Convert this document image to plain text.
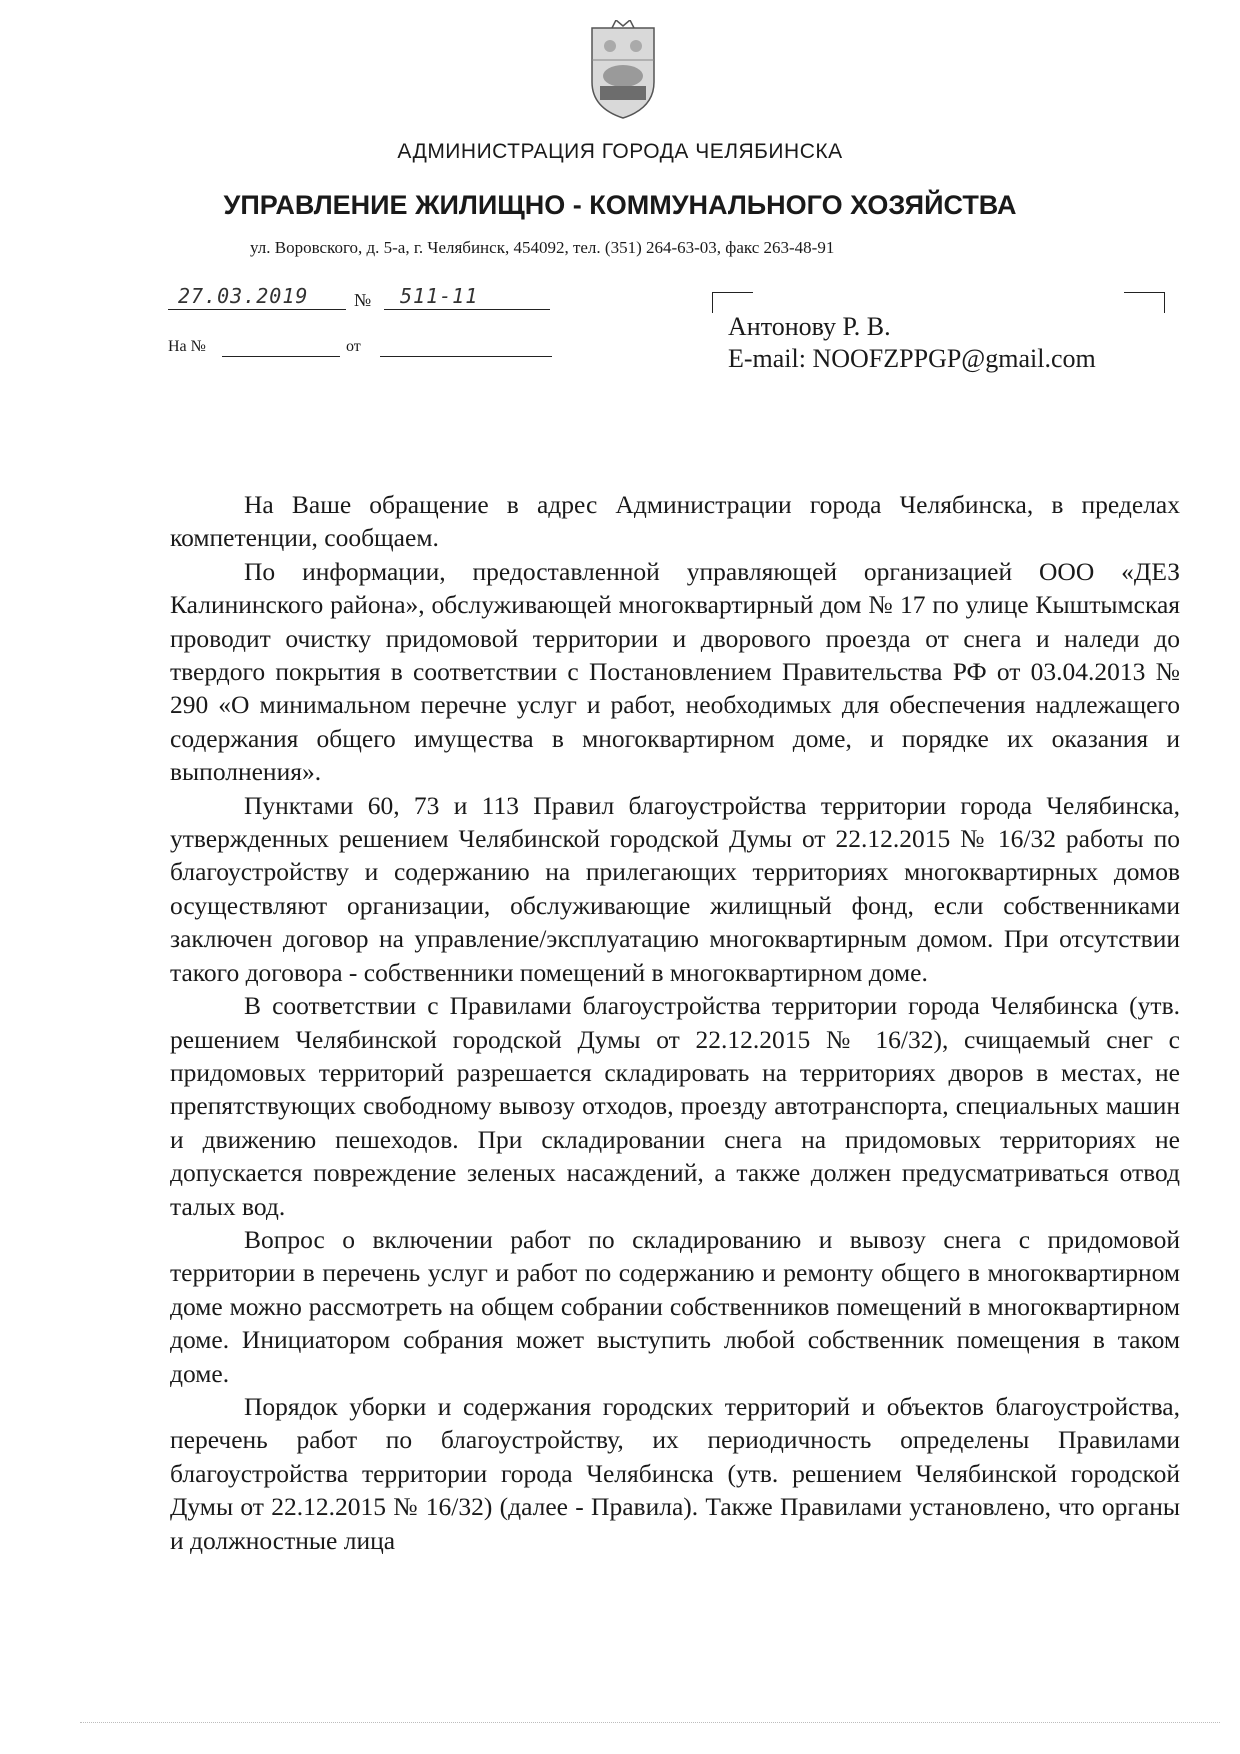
АДМИНИСТРАЦИЯ ГОРОДА ЧЕЛЯБИНСКА
УПРАВЛЕНИЕ ЖИЛИЩНО - КОММУНАЛЬНОГО ХОЗЯЙСТВА
ул. Воровского, д. 5-а, г. Челябинск, 454092, тел. (351) 264-63-03, факс 263-48-91
27.03.2019	№ 511-11
На №	от
Антонову Р. В.
E-mail: NOOFZPPGP@gmail.com

На Ваше обращение в адрес Администрации города Челябинска, в пределах компетенции, сообщаем.

По информации, предоставленной управляющей организацией ООО «ДЕЗ Калининского района», обслуживающей многоквартирный дом № 17 по улице Кыштымская проводит очистку придомовой территории и дворового проезда от снега и наледи до твердого покрытия в соответствии с Постановлением Правительства РФ от 03.04.2013 № 290 «О минимальном перечне услуг и работ, необходимых для обеспечения надлежащего содержания общего имущества в многоквартирном доме, и порядке их оказания и выполнения».

Пунктами 60, 73 и 113 Правил благоустройства территории города Челябинска, утвержденных решением Челябинской городской Думы от 22.12.2015 № 16/32 работы по благоустройству и содержанию на прилегающих территориях многоквартирных домов осуществляют организации, обслуживающие жилищный фонд, если собственниками заключен договор на управление/эксплуатацию многоквартирным домом. При отсутствии такого договора - собственники помещений в многоквартирном доме.

В соответствии с Правилами благоустройства территории города Челябинска (утв. решением Челябинской городской Думы от 22.12.2015 № 16/32), счищаемый снег с придомовых территорий разрешается складировать на территориях дворов в местах, не препятствующих свободному вывозу отходов, проезду автотранспорта, специальных машин и движению пешеходов. При складировании снега на придомовых территориях не допускается повреждение зеленых насаждений, а также должен предусматриваться отвод талых вод.

Вопрос о включении работ по складированию и вывозу снега с придомовой территории в перечень услуг и работ по содержанию и ремонту общего в многоквартирном доме можно рассмотреть на общем собрании собственников помещений в многоквартирном доме. Инициатором собрания может выступить любой собственник помещения в таком доме.

Порядок уборки и содержания городских территорий и объектов благоустройства, перечень работ по благоустройству, их периодичность определены Правилами благоустройства территории города Челябинска (утв. решением Челябинской городской Думы от 22.12.2015 № 16/32) (далее - Правила). Также Правилами установлено, что органы и должностные лица
